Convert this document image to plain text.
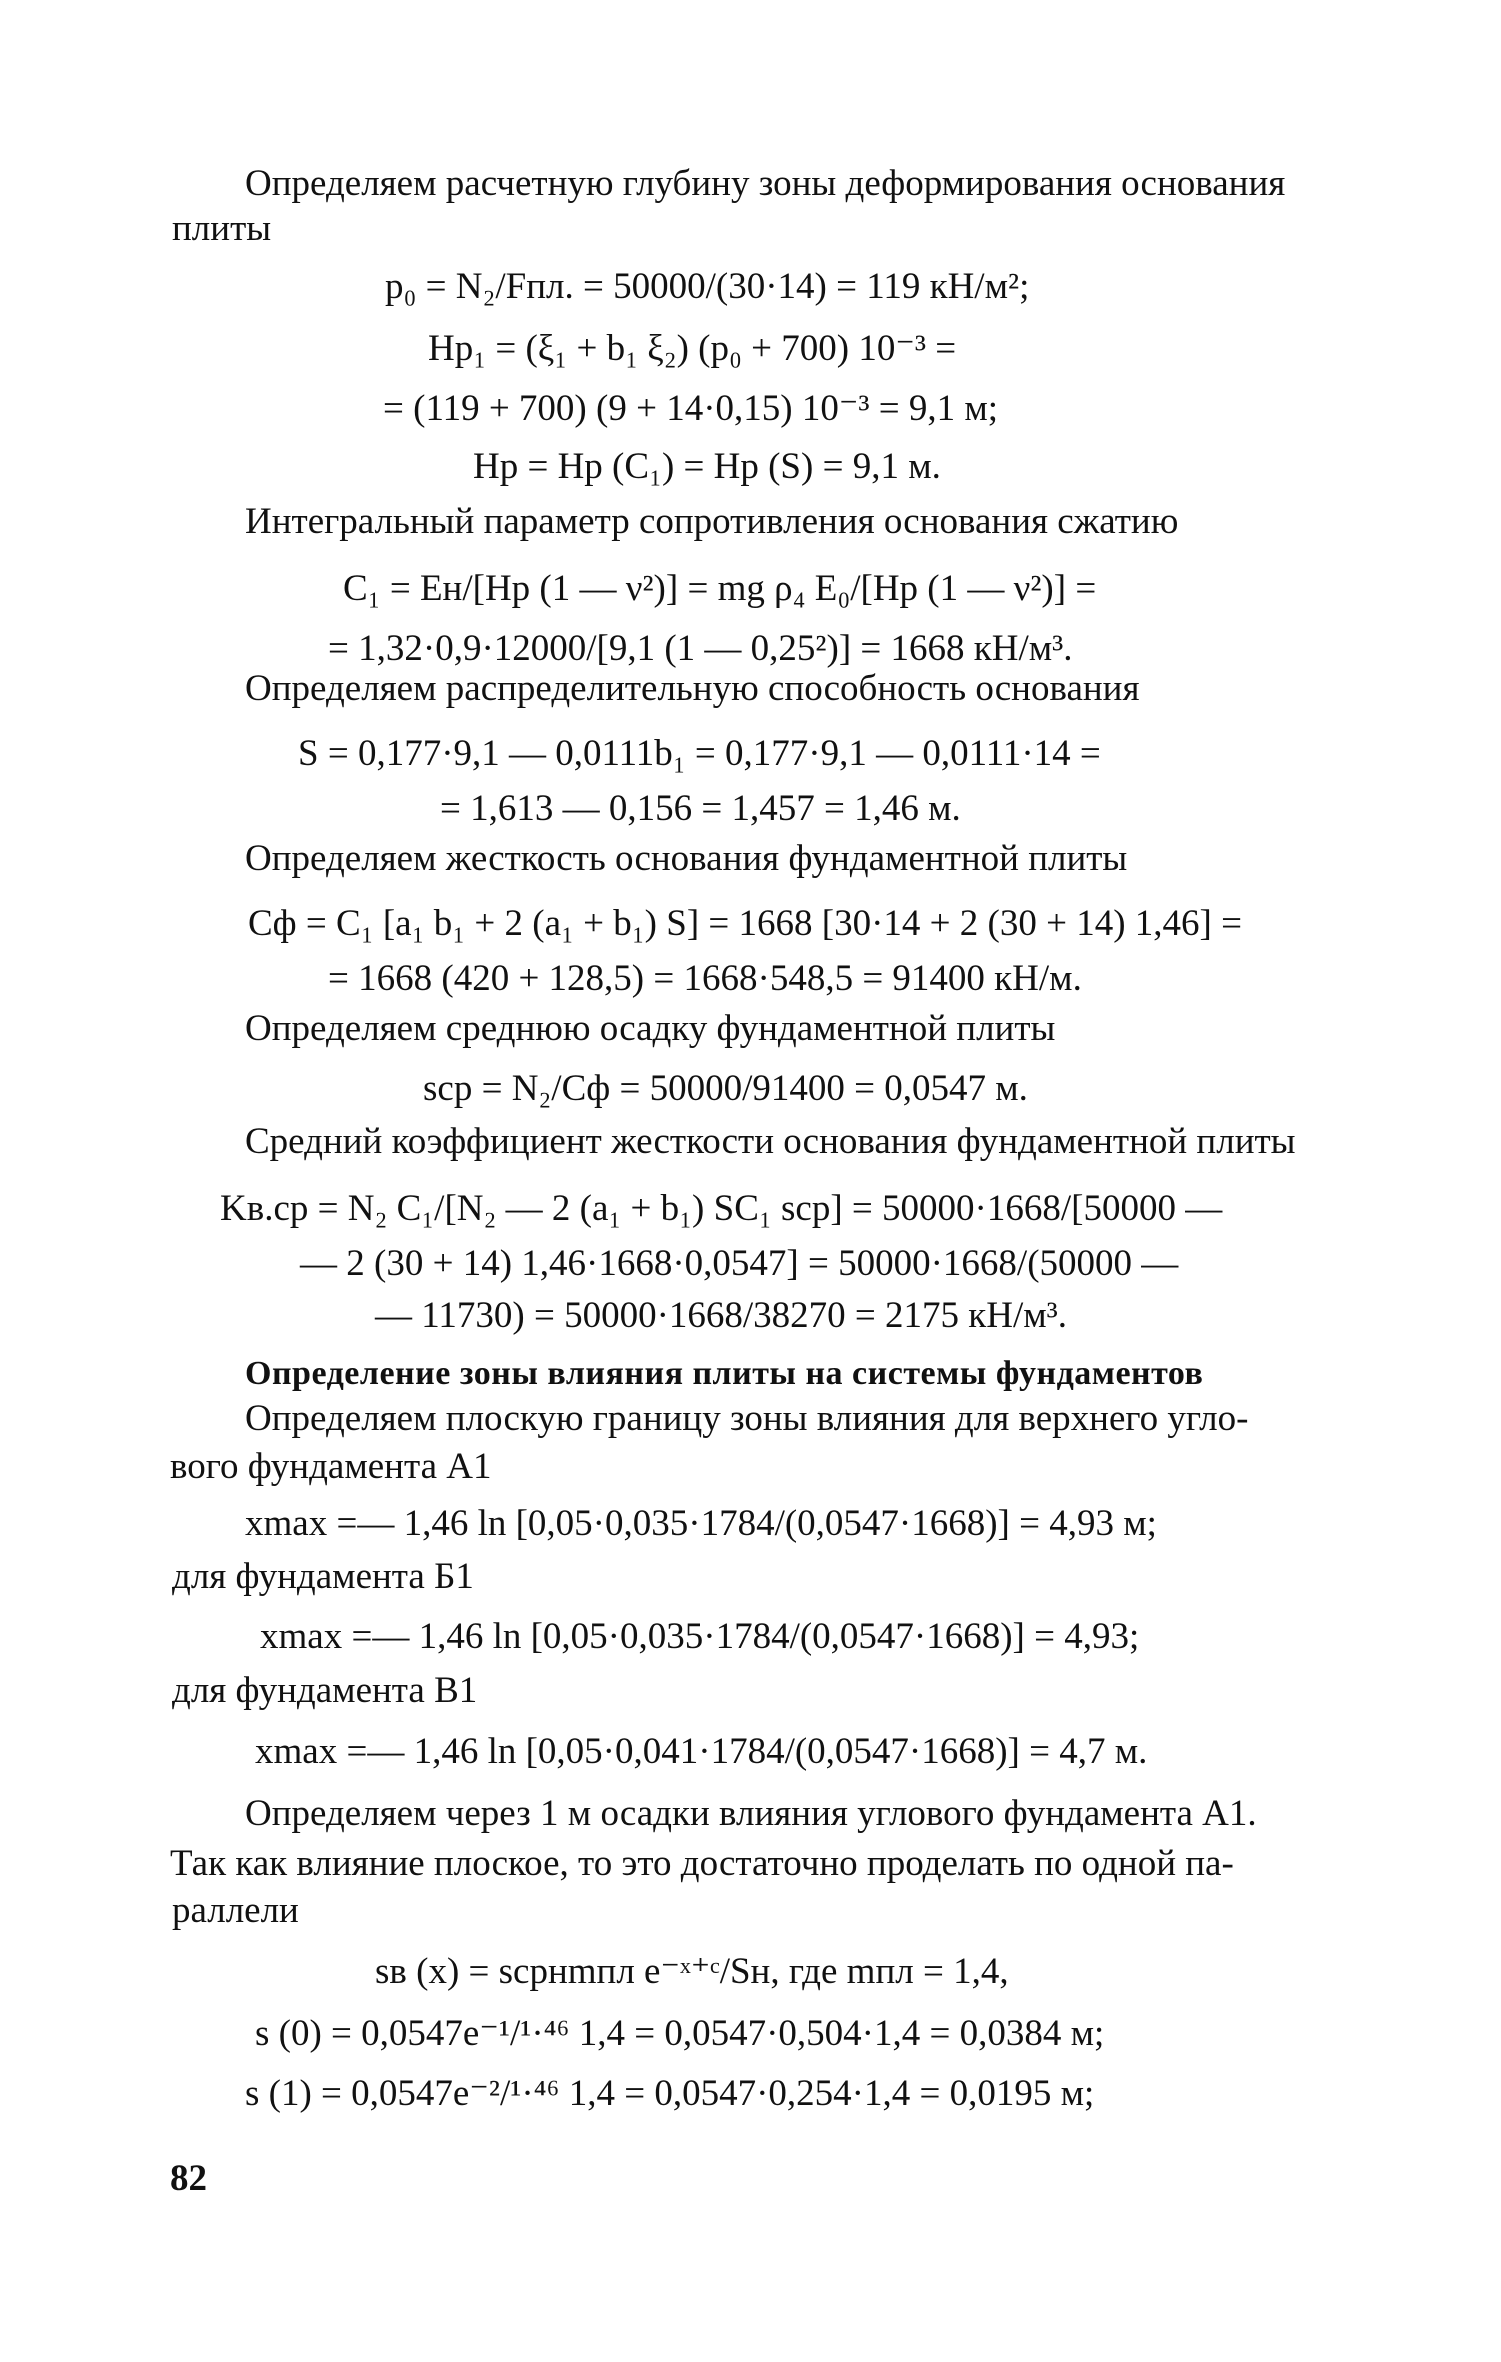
Определяем расчетную глубину зоны деформирования основания
плиты
p₀ = N₂/Fпл. = 50000/(30·14) = 119 кН/м²;
Hр₁ = (ξ₁ + b₁ ξ₂) (p₀ + 700) 10⁻³ =
= (119 + 700) (9 + 14·0,15) 10⁻³ = 9,1 м;
Hр = Hр (C₁) = Hр (S) = 9,1 м.
Интегральный параметр сопротивления основания сжатию
C₁ = Eн/[Hр (1 — ν²)] = mg ρ₄ E₀/[Hр (1 — ν²)] =
= 1,32·0,9·12000/[9,1 (1 — 0,25²)] = 1668 кН/м³.
Определяем распределительную способность основания
S = 0,177·9,1 — 0,0111b₁ = 0,177·9,1 — 0,0111·14 =
= 1,613 — 0,156 = 1,457 = 1,46 м.
Определяем жесткость основания фундаментной плиты
Cф = C₁ [a₁ b₁ + 2 (a₁ + b₁) S] = 1668 [30·14 + 2 (30 + 14) 1,46] =
= 1668 (420 + 128,5) = 1668·548,5 = 91400 кН/м.
Определяем среднюю осадку фундаментной плиты
sср = N₂/Cф = 50000/91400 = 0,0547 м.
Средний коэффициент жесткости основания фундаментной плиты
Kв.ср = N₂ C₁/[N₂ — 2 (a₁ + b₁) SC₁ sср] = 50000·1668/[50000 —
— 2 (30 + 14) 1,46·1668·0,0547] = 50000·1668/(50000 —
— 11730) = 50000·1668/38270 = 2175 кН/м³.
Определение зоны влияния плиты на системы фундаментов
Определяем плоскую границу зоны влияния для верхнего угло-
вого фундамента А1
xmax =— 1,46 ln [0,05·0,035·1784/(0,0547·1668)] = 4,93 м;
для фундамента Б1
xmax =— 1,46 ln [0,05·0,035·1784/(0,0547·1668)] = 4,93;
для фундамента В1
xmax =— 1,46 ln [0,05·0,041·1784/(0,0547·1668)] = 4,7 м.
Определяем через 1 м осадки влияния углового фундамента А1.
Так как влияние плоское, то это достаточно проделать по одной па-
раллели
sв (x) = sсрнmпл e⁻ˣ⁺ᶜ/Sн, где mпл = 1,4,
s (0) = 0,0547e⁻¹/¹·⁴⁶ 1,4 = 0,0547·0,504·1,4 = 0,0384 м;
s (1) = 0,0547e⁻²/¹·⁴⁶ 1,4 = 0,0547·0,254·1,4 = 0,0195 м;
82
